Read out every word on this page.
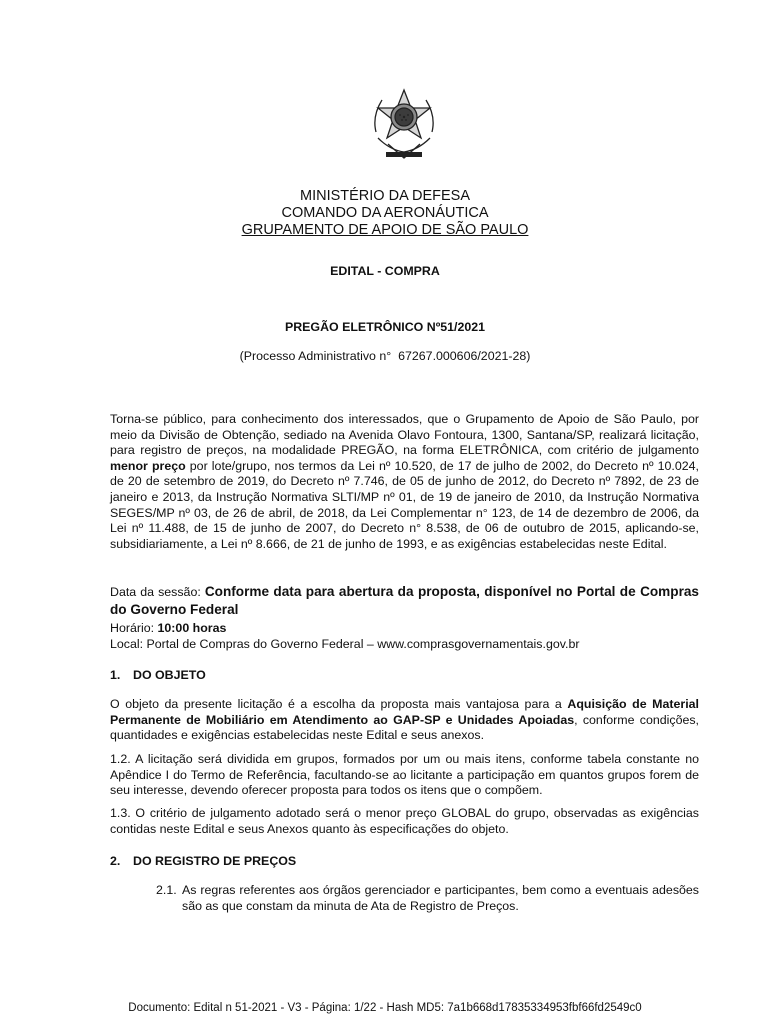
MINISTÉRIO DA DEFESA
COMANDO DA AERONÁUTICA
GRUPAMENTO DE APOIO DE SÃO PAULO
EDITAL - COMPRA
PREGÃO ELETRÔNICO Nº51/2021
(Processo Administrativo n°  67267.000606/2021-28)
Torna-se público, para conhecimento dos interessados, que o Grupamento de Apoio de São Paulo, por meio da Divisão de Obtenção, sediado na Avenida Olavo Fontoura, 1300, Santana/SP, realizará licitação, para registro de preços, na modalidade PREGÃO, na forma ELETRÔNICA, com critério de julgamento menor preço por lote/grupo, nos termos da Lei nº 10.520, de 17 de julho de 2002, do Decreto nº 10.024, de 20 de setembro de 2019, do Decreto nº 7.746, de 05 de junho de 2012, do Decreto nº 7892, de 23 de janeiro e 2013, da Instrução Normativa SLTI/MP nº 01, de 19 de janeiro de 2010, da Instrução Normativa SEGES/MP nº 03, de 26 de abril, de 2018, da Lei Complementar n° 123, de 14 de dezembro de 2006, da Lei nº 11.488, de 15 de junho de 2007, do Decreto n° 8.538, de 06 de outubro de 2015, aplicando-se, subsidiariamente, a Lei nº 8.666, de 21 de junho de 1993, e as exigências estabelecidas neste Edital.
Data da sessão: Conforme data para abertura da proposta, disponível no Portal de Compras do Governo Federal
Horário: 10:00 horas
Local: Portal de Compras do Governo Federal – www.comprasgovernamentais.gov.br
1. DO OBJETO
O objeto da presente licitação é a escolha da proposta mais vantajosa para a Aquisição de Material Permanente de Mobiliário em Atendimento ao GAP-SP e Unidades Apoiadas, conforme condições, quantidades e exigências estabelecidas neste Edital e seus anexos.
1.2. A licitação será dividida em grupos, formados por um ou mais itens, conforme tabela constante no Apêndice I do Termo de Referência, facultando-se ao licitante a participação em quantos grupos forem de seu interesse, devendo oferecer proposta para todos os itens que o compõem.
1.3. O critério de julgamento adotado será o menor preço GLOBAL do grupo, observadas as exigências contidas neste Edital e seus Anexos quanto às especificações do objeto.
2. DO REGISTRO DE PREÇOS
2.1. As regras referentes aos órgãos gerenciador e participantes, bem como a eventuais adesões são as que constam da minuta de Ata de Registro de Preços.
Documento: Edital n 51-2021 - V3 - Página: 1/22 - Hash MD5: 7a1b668d17835334953fbf66fd2549c0
